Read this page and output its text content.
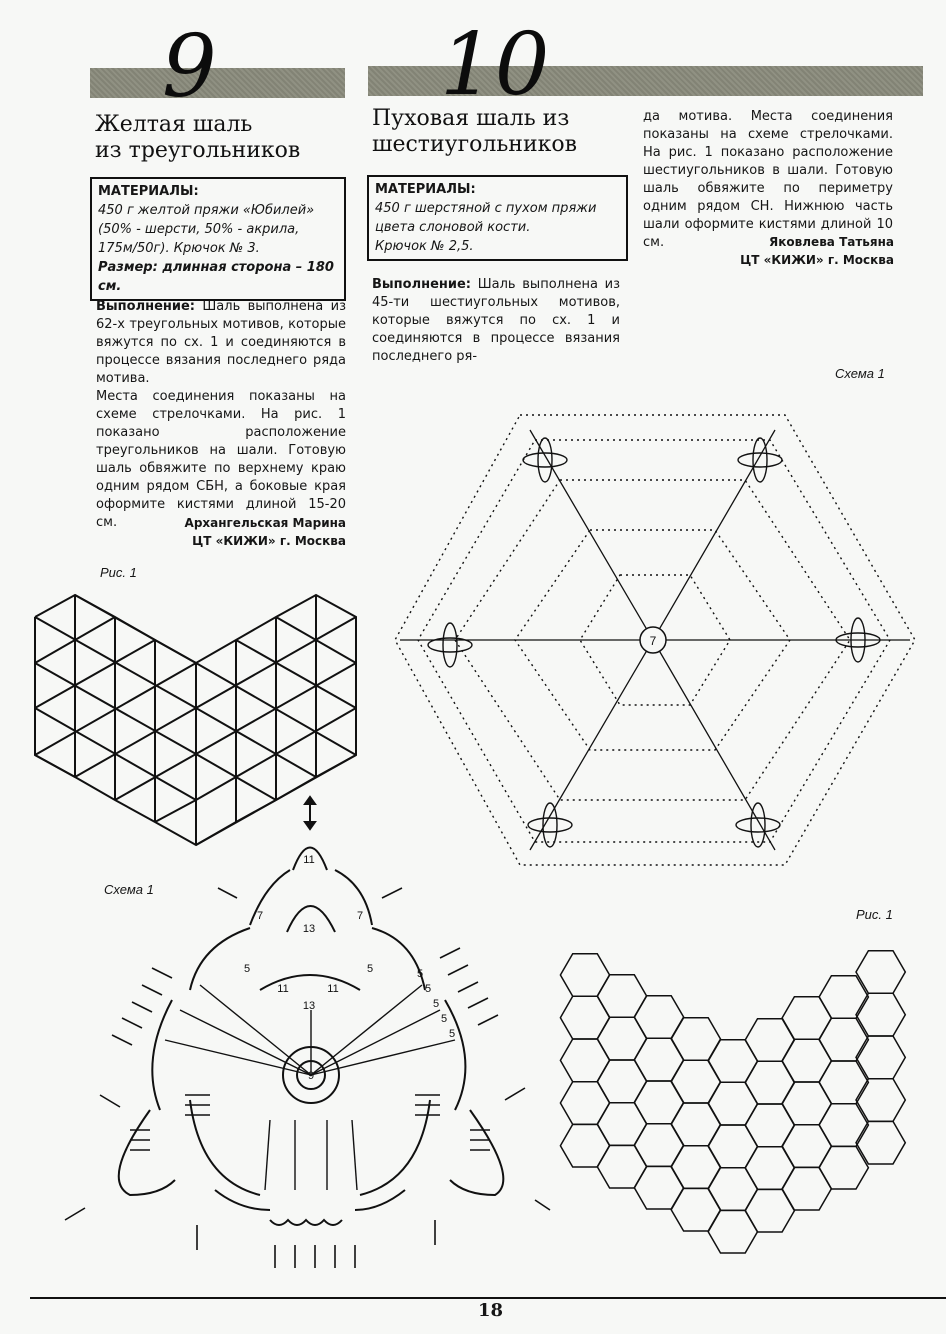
9	10
Желтая шаль
из треугольников
Пуховая шаль из
шестиугольников
МАТЕРИАЛЫ:
450 г желтой пряжи «Юбилей»
(50% - шерсти, 50% - акрила,
175м/50г). Крючок № 3.
Размер: длинная сторона – 180 см.
МАТЕРИАЛЫ:
450 г шерстяной с пухом пряжи
цвета слоновой кости.
Крючок № 2,5.
Выполнение: Шаль выполнена из 62-х треугольных мотивов, которые вяжутся по сх. 1 и соединяются в процессе вязания последнего ряда мотива.
Места соединения показаны на схеме стрелочками. На рис. 1 показано расположение треугольников на шали. Готовую шаль обвяжите по верхнему краю одним рядом СБН, а боковые края оформите кистями длиной 15-20 см.	Архангельская Марина
ЦТ «КИЖИ» г. Москва
Выполнение: Шаль выполнена из 45-ти шестиугольных мотивов, которые вяжутся по сх. 1 и соединяются в процессе вязания последнего ря-
да мотива. Места соединения показаны на схеме стрелочками. На рис. 1 показано расположение шестиугольников в шали. Готовую шаль обвяжите по периметру одним рядом СН. Нижнюю часть шали оформите кистями длиной 10 см.	Яковлева Татьяна
ЦТ «КИЖИ» г. Москва
Рис. 1
Схема 1
Схема 1
Рис. 1
11
7	7
13
5	5
11	11
13
9
5
5
5
5
5
7
18
